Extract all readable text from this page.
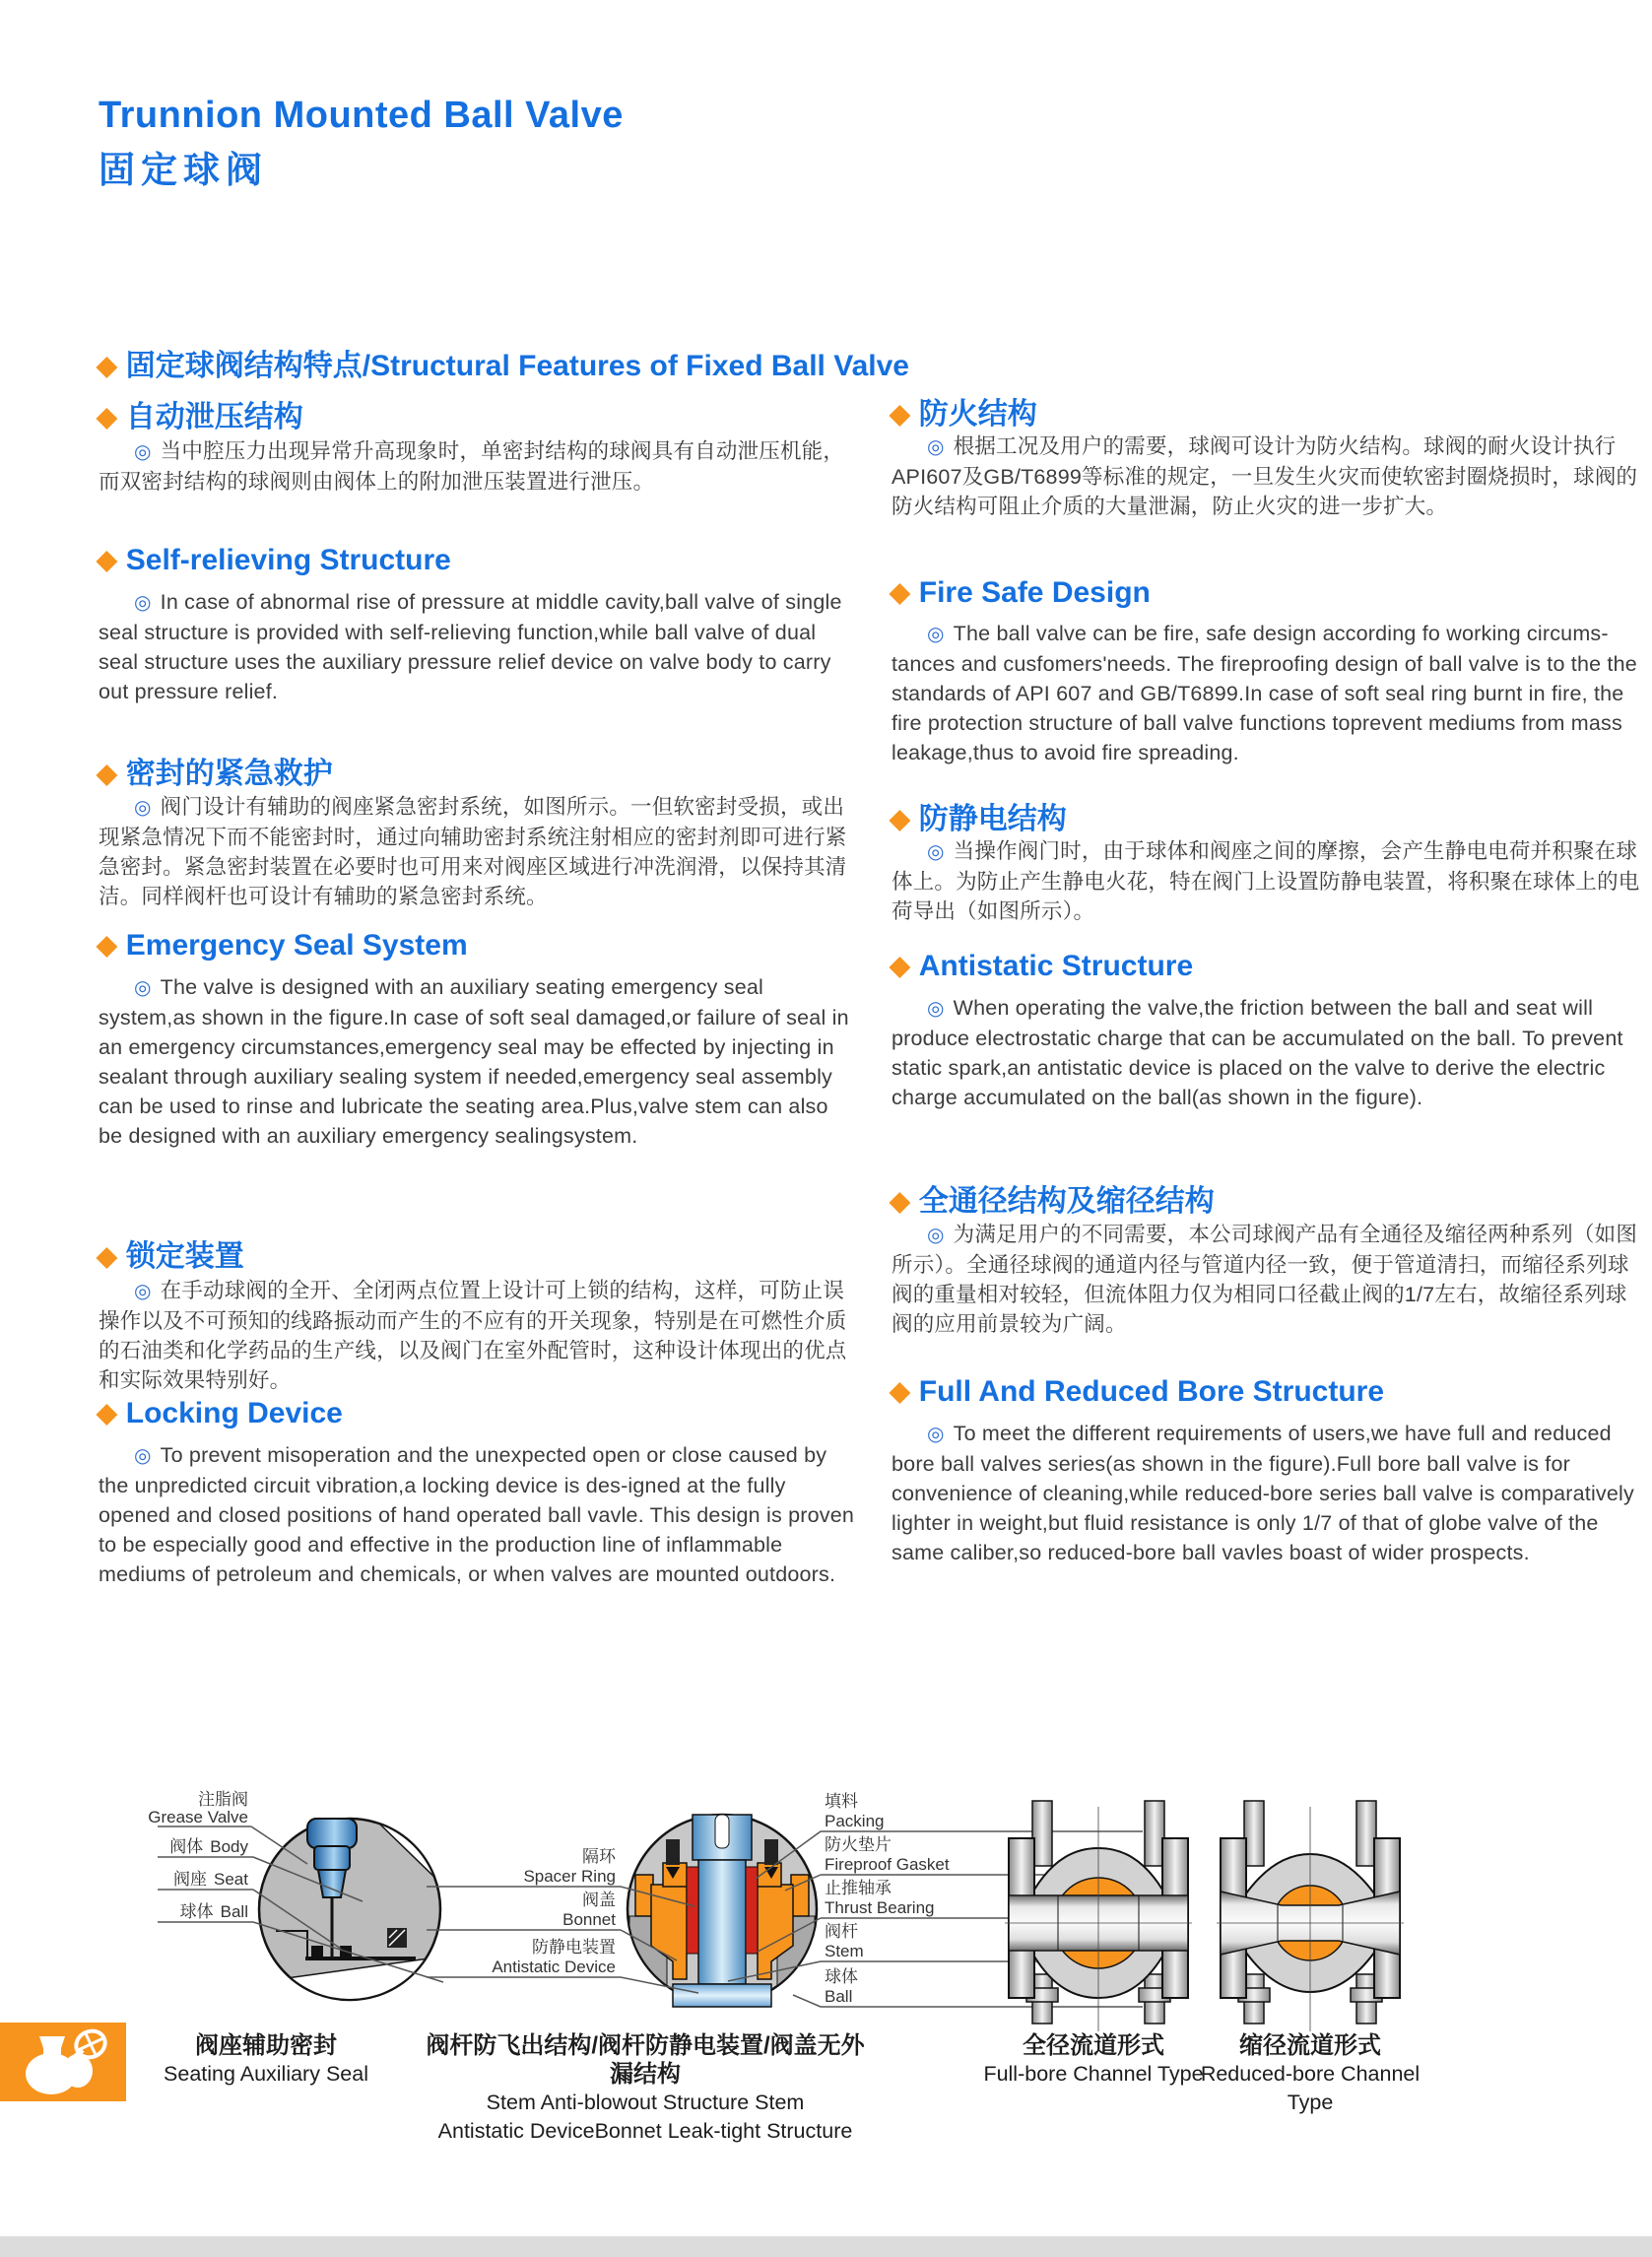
Trunnion Mounted Ball Valve
固定球阀
◆ 固定球阀结构特点/Structural Features of Fixed Ball Valve
◆ 自动泄压结构

◎ 当中腔压力出现异常升高现象时，单密封结构的球阀具有自动泄压机能，而双密封结构的球阀则由阀体上的附加泄压装置进行泄压。

◆ Self-relieving Structure

◎ In case of abnormal rise of pressure at middle cavity,ball valve of single seal structure is provided with self-relieving function,while ball valve of dual seal structure uses the auxiliary pressure relief device on valve body to carry out pressure relief.

◆ 密封的紧急救护

◎ 阀门设计有辅助的阀座紧急密封系统，如图所示。一但软密封受损，或出现紧急情况下而不能密封时，通过向辅助密封系统注射相应的密封剂即可进行紧急密封。紧急密封装置在必要时也可用来对阀座区域进行冲洗润滑，以保持其清洁。同样阀杆也可设计有辅助的紧急密封系统。

◆ Emergency Seal System

◎ The valve is designed with an auxiliary seating emergency seal system,as shown in the figure.In case of soft seal damaged,or failure of seal in an emergency circumstances,emergency seal may be effected by injecting in sealant through auxiliary sealing system if needed,emergency seal assembly can be used to rinse and lubricate the seating area.Plus,valve stem can also be designed with an auxiliary emergency sealingsystem.

◆ 锁定装置

◎ 在手动球阀的全开、全闭两点位置上设计可上锁的结构，这样，可防止误操作以及不可预知的线路振动而产生的不应有的开关现象，特别是在可燃性介质的石油类和化学药品的生产线，以及阀门在室外配管时，这种设计体现出的优点和实际效果特别好。

◆ Locking Device

◎ To prevent misoperation and the unexpected open or close caused by the unpredicted circuit vibration,a locking device is des-igned at the fully opened and closed positions of hand operated ball vavle. This design is proven to be especially good and effective in the production line of inflammable mediums of petroleum and chemicals, or when valves are mounted outdoors.

◆ 防火结构

◎ 根据工况及用户的需要，球阀可设计为防火结构。球阀的耐火设计执行API607及GB/T6899等标准的规定，一旦发生火灾而使软密封圈烧损时，球阀的防火结构可阻止介质的大量泄漏，防止火灾的进一步扩大。

◆ Fire Safe Design

◎ The ball valve can be fire, safe design according fo working circums-tances and cusfomers'needs. The fireproofing design of ball valve is to the the standards of API 607 and GB/T6899.In case of soft seal ring burnt in fire, the fire protection structure of ball valve functions toprevent mediums from mass leakage,thus to avoid fire spreading.

◆ 防静电结构

◎ 当操作阀门时，由于球体和阀座之间的摩擦，会产生静电电荷并积聚在球体上。为防止产生静电火花，特在阀门上设置防静电装置，将积聚在球体上的电荷导出（如图所示）。

◆ Antistatic Structure

◎ When operating the valve,the friction between the ball and seat will produce electrostatic charge that can be accumulated on the ball. To prevent static spark,an antistatic device is placed on the valve to derive the electric charge accumulated on the ball(as shown in the figure).

◆ 全通径结构及缩径结构

◎ 为满足用户的不同需要，本公司球阀产品有全通径及缩径两种系列（如图所示）。全通径球阀的通道内径与管道内径一致，便于管道清扫，而缩径系列球阀的重量相对较轻，但流体阻力仅为相同口径截止阀的1/7左右，故缩径系列球阀的应用前景较为广阔。

◆ Full And Reduced Bore Structure

◎ To meet the different requirements of users,we have full and reduced bore ball valves series(as shown in the figure).Full bore ball valve is for convenience of cleaning,while reduced-bore series ball valve is comparatively lighter in weight,but fluid resistance is only 1/7 of that of globe valve of the same caliber,so reduced-bore ball vavles boast of wider prospects.

注脂阀
Grease Valve
阀体 Body
阀座 Seat
球体 Ball
隔环
Spacer Ring
阀盖
Bonnet
防静电装置
Antistatic Device
填料
Packing
防火垫片
Fireproof Gasket
止推轴承
Thrust Bearing
阀杆
Stem
球体
Ball
阀座辅助密封
Seating Auxiliary Seal
阀杆防飞出结构/阀杆防静电装置/阀盖无外漏结构
Stem Anti-blowout Structure Stem
Antistatic DeviceBonnet Leak-tight Structure
全径流道形式
Full-bore Channel Type
缩径流道形式
Reduced-bore Channel Type
